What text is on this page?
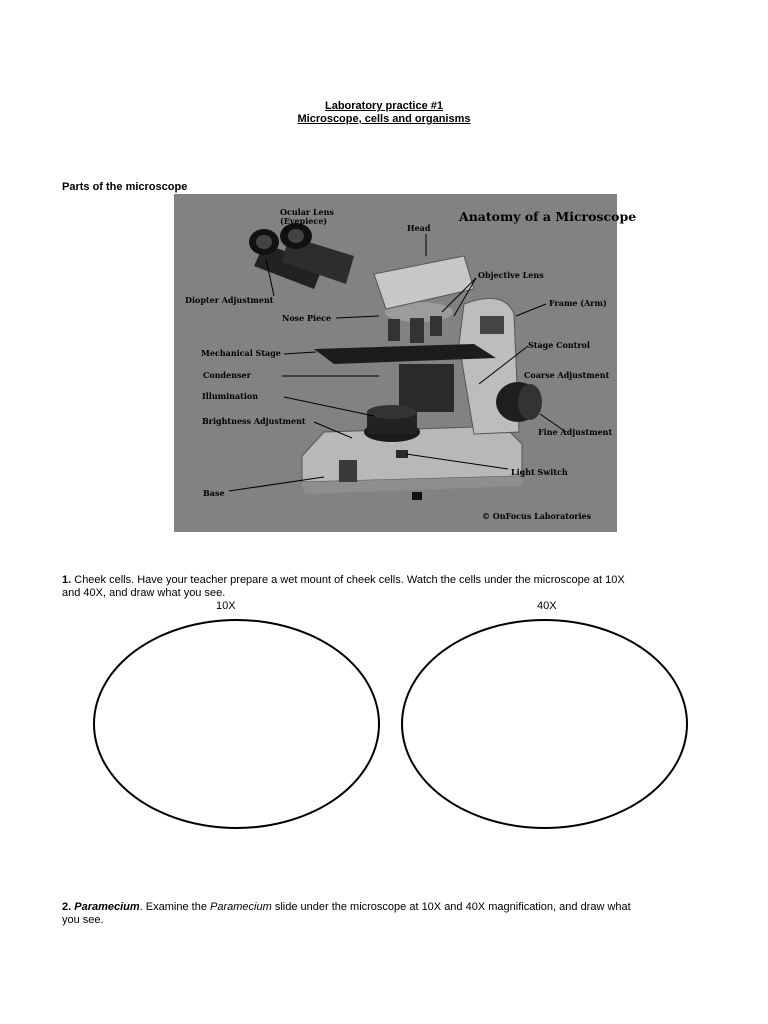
Laboratory practice #1
Microscope, cells and organisms
Parts of the microscope
Anatomy of a Microscope
Ocular Lens
(Eyepiece)
Head
Diopter Adjustment
Objective Lens
Frame (Arm)
Nose Piece
Stage Control
Mechanical Stage
Coarse Adjustment
Condenser
Illumination
Brightness Adjustment
Fine Adjustment
Light Switch
Base
© OnFocus Laboratories
1. Cheek cells. Have your teacher prepare a wet mount of cheek cells. Watch the cells under the microscope at 10X
and 40X, and draw what you see.
10X	40X
2. Paramecium. Examine the Paramecium slide under the microscope at 10X and 40X magnification, and draw what
you see.
